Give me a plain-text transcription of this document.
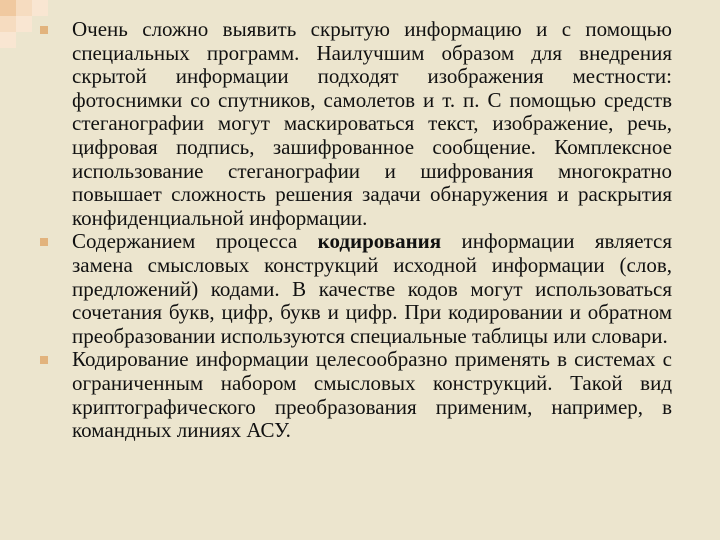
Очень сложно выявить скрытую информацию и с помощью специальных программ. Наилучшим образом для внедрения скрытой информации подходят изображения местности: фотоснимки со спутников, самолетов и т. п. С помощью средств стеганографии могут маскироваться текст, изображение, речь, цифровая подпись, зашифрованное сообщение. Комплексное использование стеганографии и шифрования многократно повышает сложность решения задачи обнаружения и раскрытия конфиденциальной информации.
Содержанием процесса кодирования информации является замена смысловых конструкций исходной информации (слов, предложений) кодами. В качестве кодов могут использоваться сочетания букв, цифр, букв и цифр. При кодировании и обратном преобразовании используются специальные таблицы или словари.
Кодирование информации целесообразно применять в системах с ограниченным набором смысловых конструкций. Такой вид криптографического преобразования применим, например, в командных линиях АСУ.
